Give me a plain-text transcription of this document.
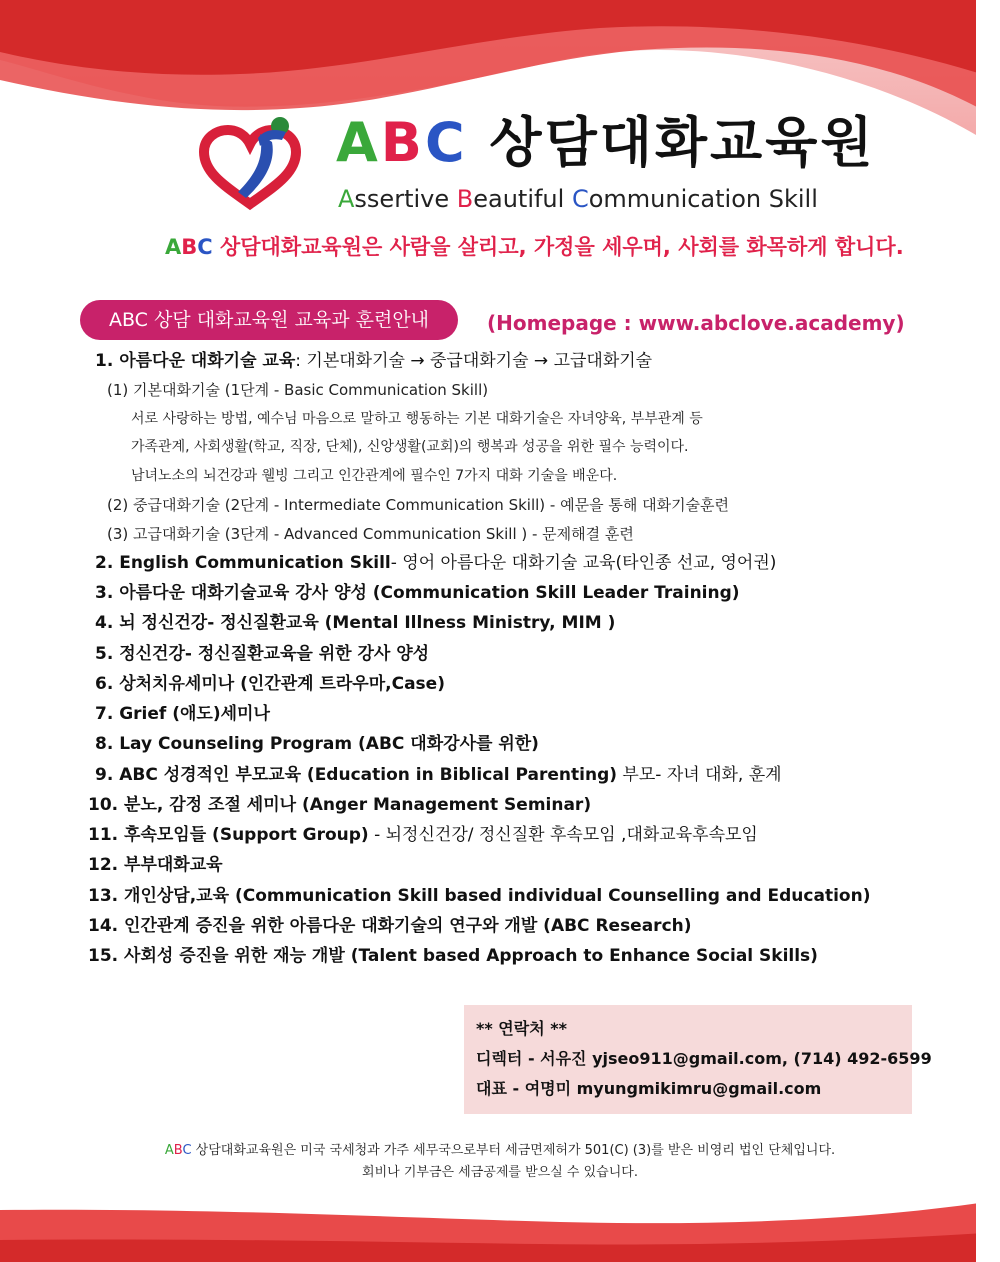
ABC 상담대화교육원
Assertive Beautiful Communication Skill
ABC 상담대화교육원은 사람을 살리고, 가정을 세우며, 사회를 화목하게 합니다.
ABC 상담 대화교육원 교육과 훈련안내	(Homepage : www.abclove.academy)
1. 아름다운 대화기술 교육: 기본대화기술 → 중급대화기술 → 고급대화기술
(1) 기본대화기술 (1단계 - Basic Communication Skill)
서로 사랑하는 방법, 예수님 마음으로 말하고 행동하는 기본 대화기술은 자녀양육, 부부관계 등
가족관계, 사회생활(학교, 직장, 단체), 신앙생활(교회)의 행복과 성공을 위한 필수 능력이다.
남녀노소의 뇌건강과 웰빙 그리고 인간관계에 필수인 7가지 대화 기술을 배운다.
(2) 중급대화기술 (2단계 - Intermediate Communication Skill) - 예문을 통해 대화기술훈련
(3) 고급대화기술 (3단계 - Advanced Communication Skill ) - 문제해결 훈련
2. English Communication Skill- 영어 아름다운 대화기술 교육(타인종 선교, 영어권)
3. 아름다운 대화기술교육 강사 양성 (Communication Skill Leader Training)
4. 뇌 정신건강- 정신질환교육 (Mental Illness Ministry, MIM )
5. 정신건강- 정신질환교육을 위한 강사 양성
6. 상처치유세미나 (인간관계 트라우마,Case)
7. Grief (애도)세미나
8. Lay Counseling Program (ABC 대화강사를 위한)
9. ABC 성경적인 부모교육 (Education in Biblical Parenting) 부모- 자녀 대화, 훈계
10. 분노, 감정 조절 세미나 (Anger Management Seminar)
11. 후속모임들 (Support Group) - 뇌정신건강/ 정신질환 후속모임 ,대화교육후속모임
12. 부부대화교육
13. 개인상담,교육 (Communication Skill based individual Counselling and Education)
14. 인간관계 증진을 위한 아름다운 대화기술의 연구와 개발 (ABC Research)
15. 사회성 증진을 위한 재능 개발 (Talent based Approach to Enhance Social Skills)
** 연락처 **
디렉터 - 서유진 yjseo911@gmail.com, (714) 492-6599
대표 - 여명미 myungmikimru@gmail.com
ABC 상담대화교육원은 미국 국세청과 가주 세무국으로부터 세금면제허가 501(C) (3)를 받은 비영리 법인 단체입니다.
회비나 기부금은 세금공제를 받으실 수 있습니다.
